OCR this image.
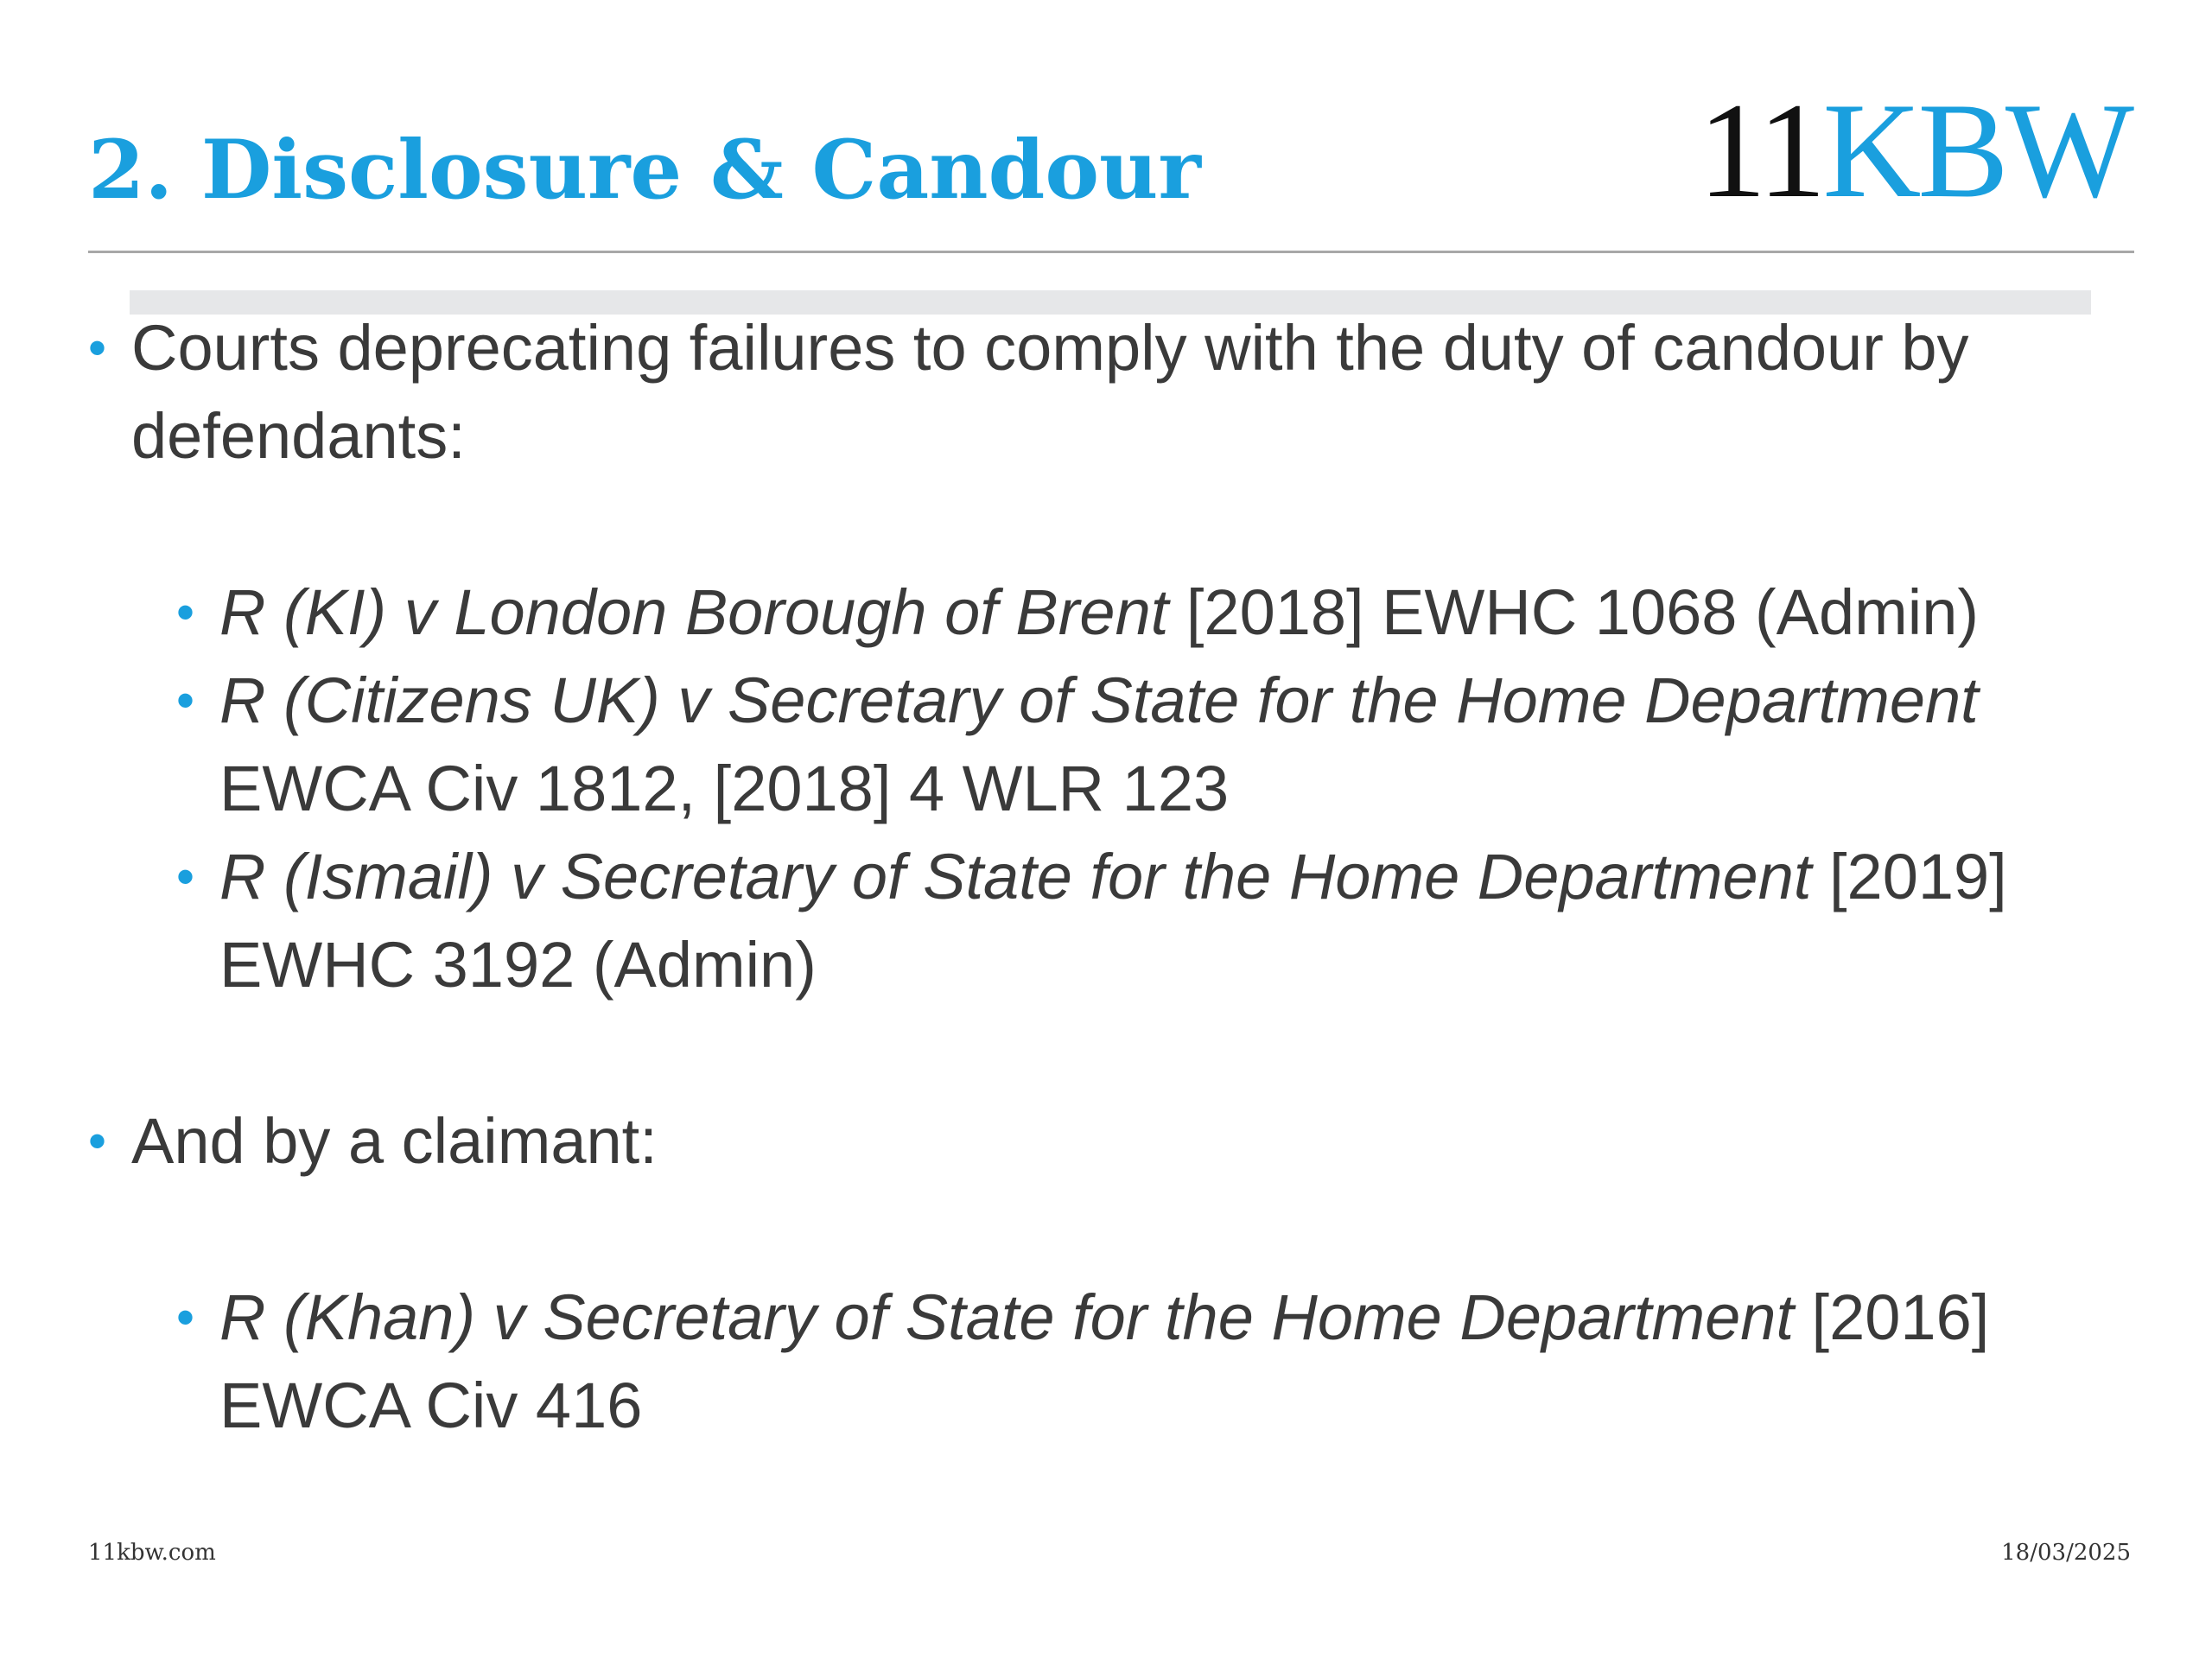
2. Disclosure & Candour	11KBW
• Courts deprecating failures to comply with the duty of candour by defendants:
• R (KI) v London Borough of Brent [2018] EWHC 1068 (Admin)
• R (Citizens UK) v Secretary of State for the Home Department EWCA Civ 1812, [2018] 4 WLR 123
• R (Ismail) v Secretary of State for the Home Department [2019] EWHC 3192 (Admin)
• And by a claimant:
• R (Khan) v Secretary of State for the Home Department [2016] EWCA Civ 416
11kbw.com	18/03/2025
